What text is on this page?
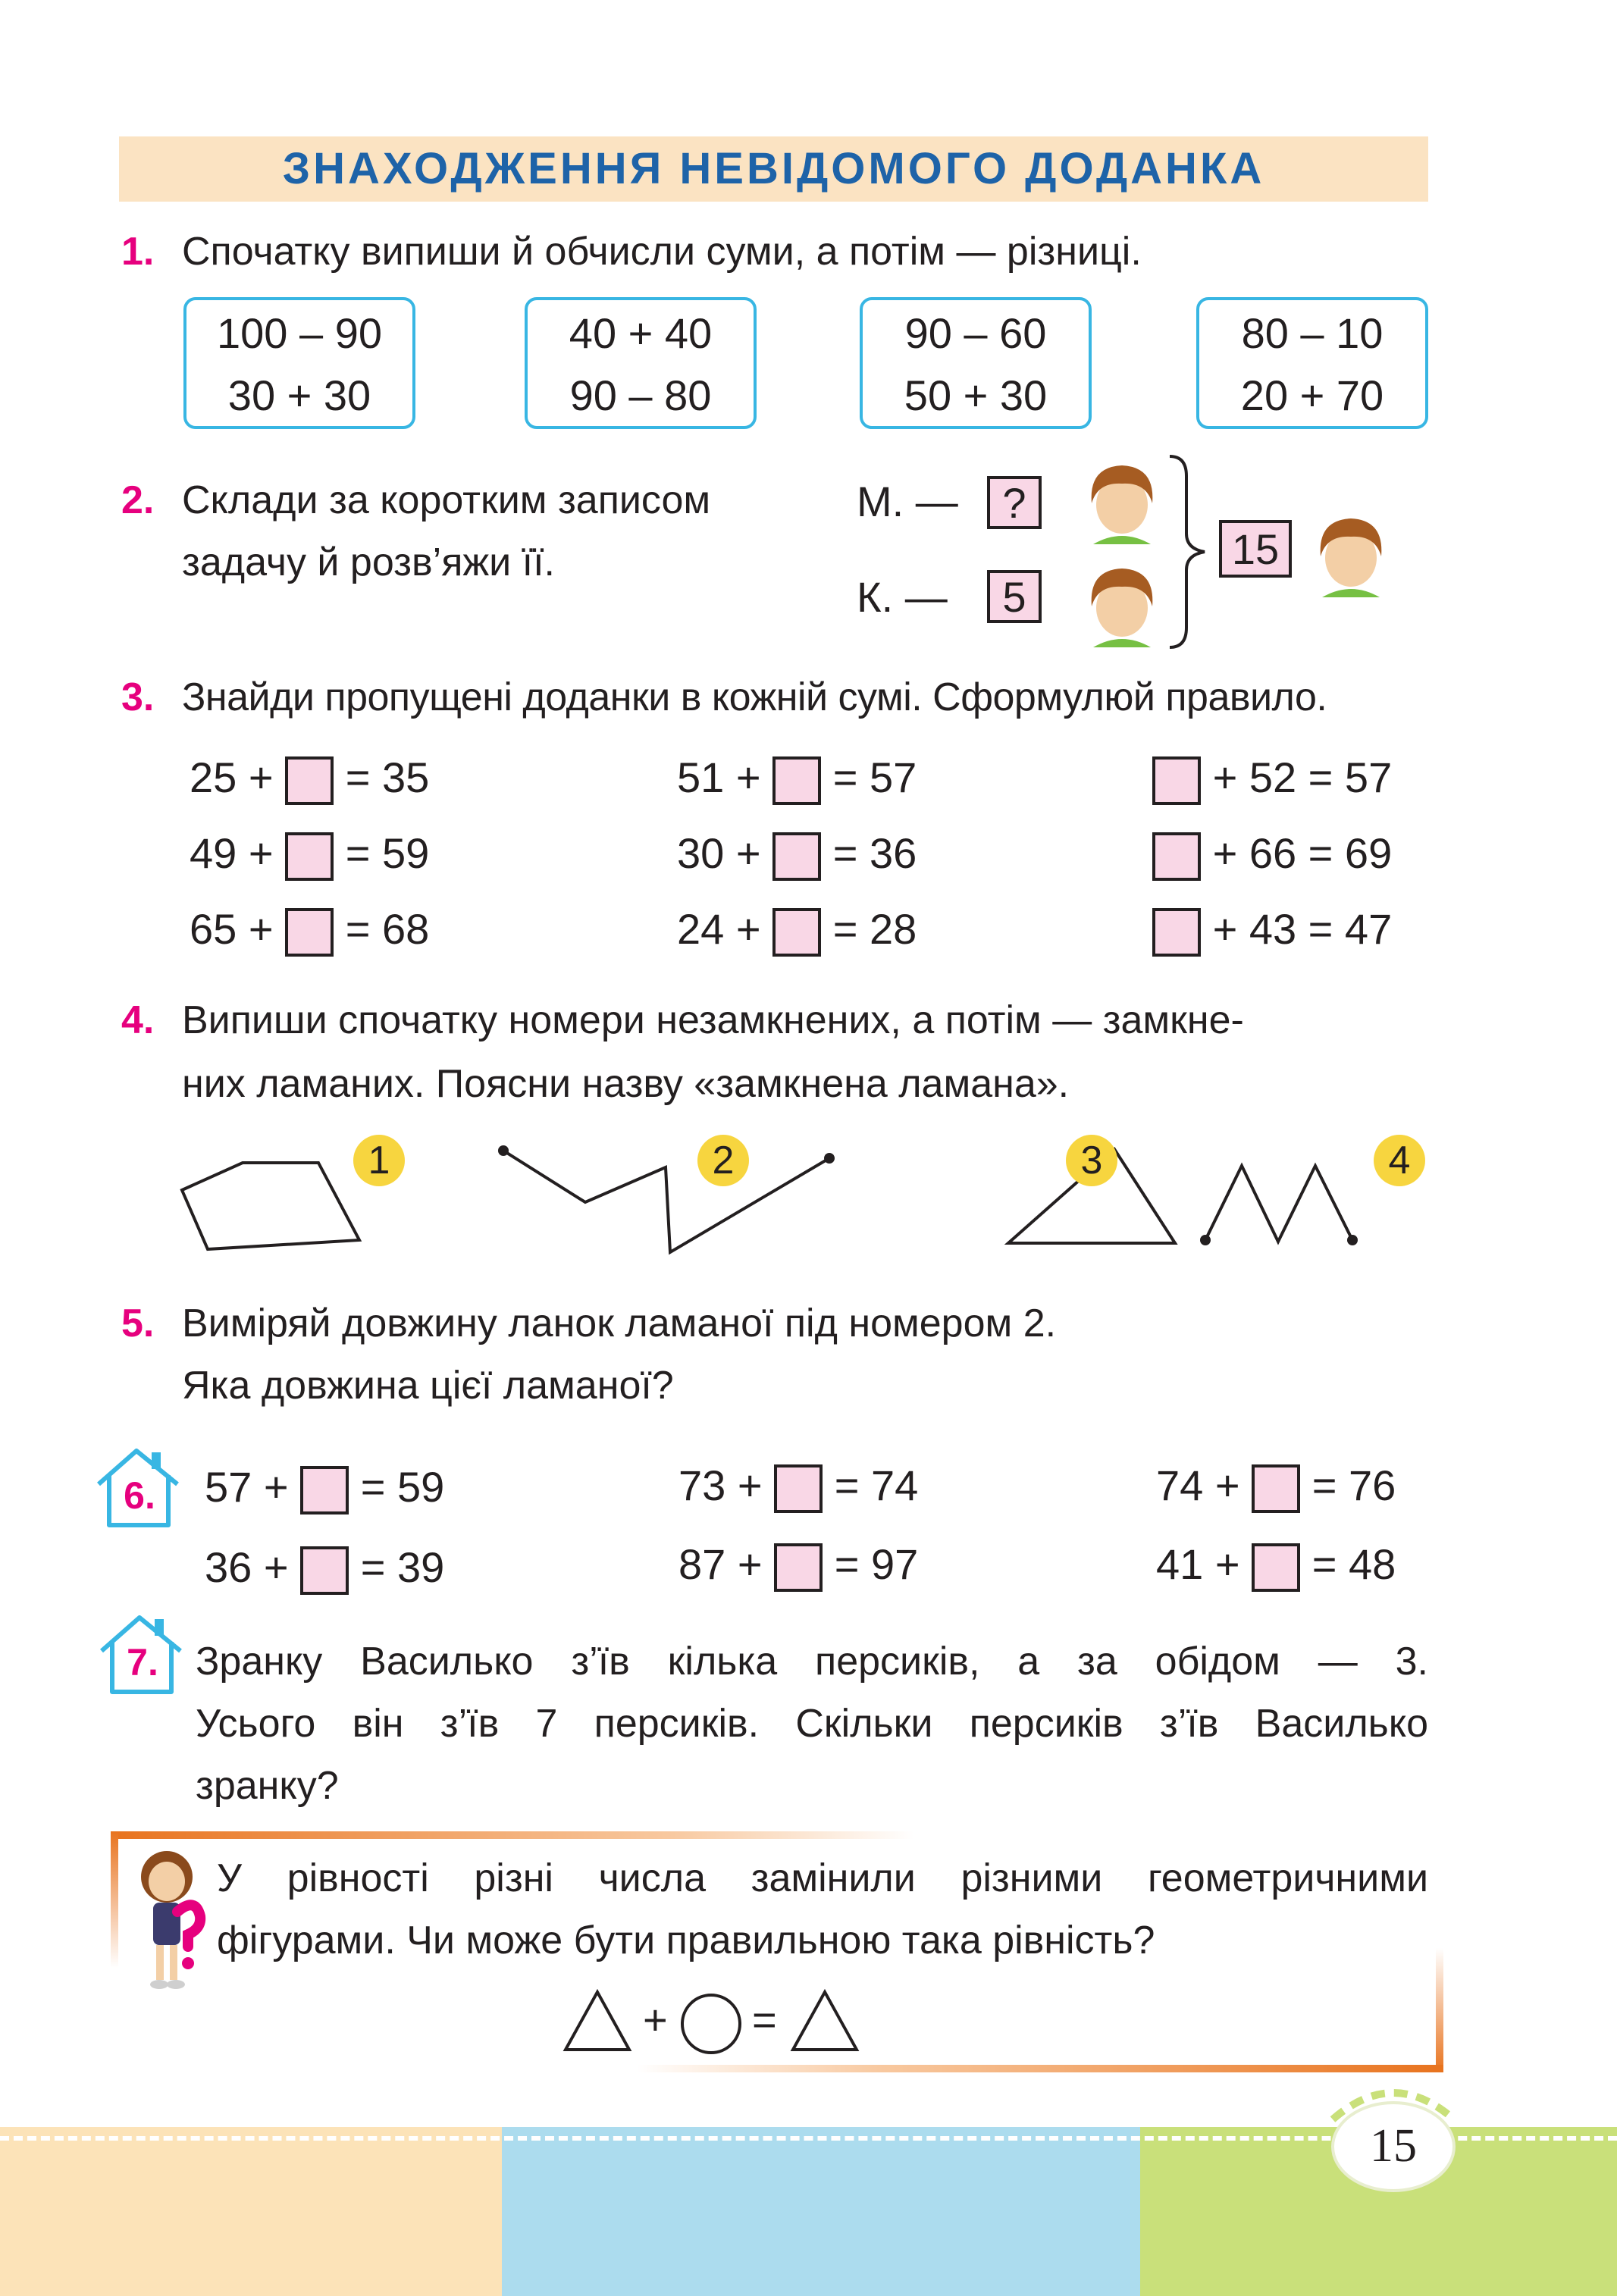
ЗНАХОДЖЕННЯ НЕВІДОМОГО ДОДАНКА
1. Спочатку випиши й обчисли суми, а потім — різниці.
100 – 90
30 + 30
40 + 40
90 – 80
90 – 60
50 + 30
80 – 10
20 + 70
2. Склади за коротким записом
задачу й розв’яжи її.
М. —	?
К. —	5
15
3. Знайди пропущені доданки в кожній сумі. Сформулюй правило.
25 + = 35
49 + = 59
65 + = 68
51 + = 57
30 + = 36
24 + = 28
+ 52 = 57
+ 66 = 69
+ 43 = 47
4. Випиши спочатку номери незамкнених, а потім — замкне-
них ламаних. Поясни назву «замкнена ламана».
1	2	3	4
5. Виміряй довжину ланок ламаної під номером 2.
Яка довжина цієї ламаної?
6.	57 + = 59	73 + = 74	74 + = 76
36 + = 39	87 + = 97	41 + = 48
7. Зранку Василько з’їв кілька персиків, а за обідом — 3.
Усього він з’їв 7 персиків. Скільки персиків з’їв Василько
зранку?
У рівності різні числа замінили різними геометричними
фігурами. Чи може бути правильною така рівність?
+ =
15
